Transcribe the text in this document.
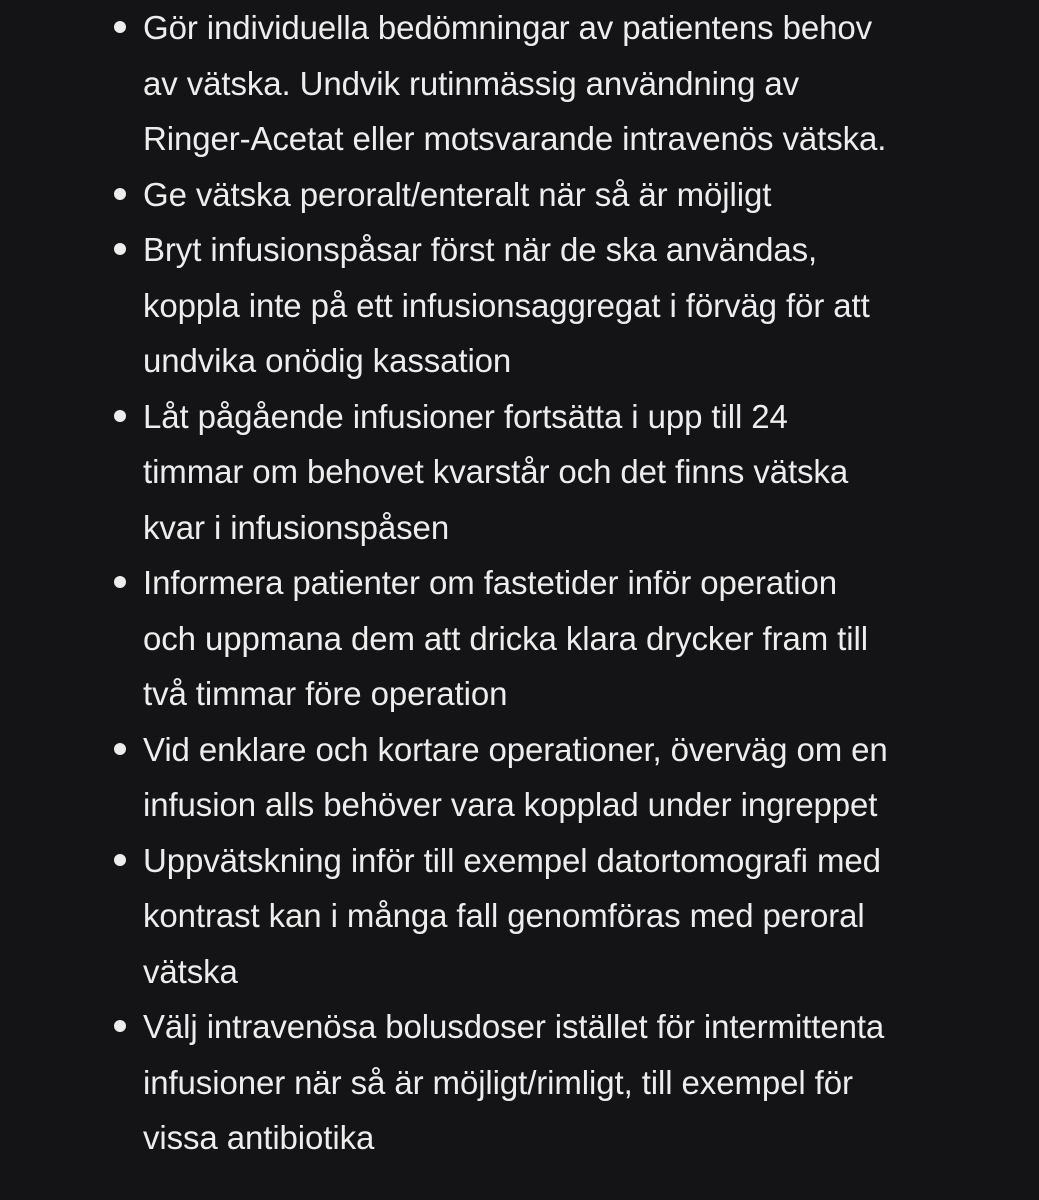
Gör individuella bedömningar av patientens behov
av vätska. Undvik rutinmässig användning av
Ringer-Acetat eller motsvarande intravenös vätska.
Ge vätska peroralt/enteralt när så är möjligt
Bryt infusionspåsar först när de ska användas,
koppla inte på ett infusionsaggregat i förväg för att
undvika onödig kassation
Låt pågående infusioner fortsätta i upp till 24
timmar om behovet kvarstår och det finns vätska
kvar i infusionspåsen
Informera patienter om fastetider inför operation
och uppmana dem att dricka klara drycker fram till
två timmar före operation
Vid enklare och kortare operationer, överväg om en
infusion alls behöver vara kopplad under ingreppet
Uppvätskning inför till exempel datortomografi med
kontrast kan i många fall genomföras med peroral
vätska
Välj intravenösa bolusdoser istället för intermittenta
infusioner när så är möjligt/rimligt, till exempel för
vissa antibiotika
